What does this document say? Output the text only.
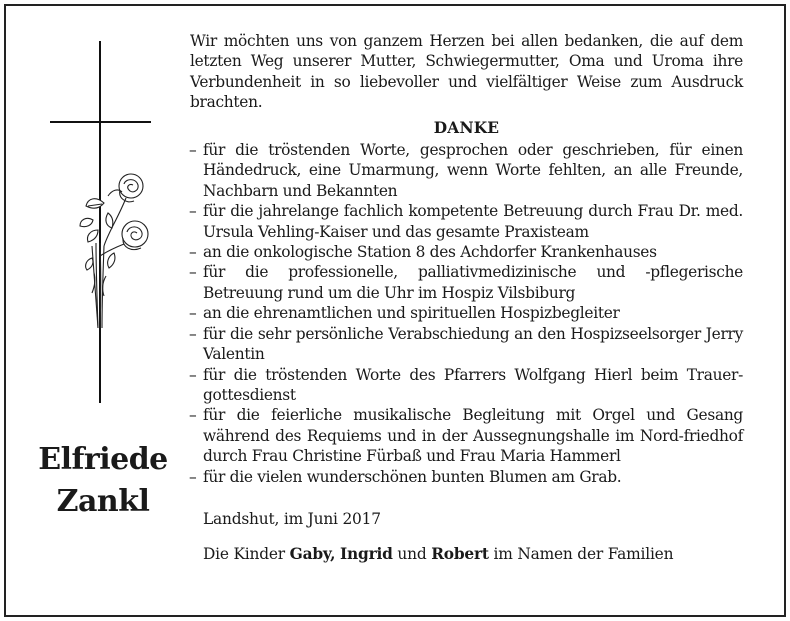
Elfriede
Zankl

Wir möchten uns von ganzem Herzen bei allen bedanken, die auf dem letzten Weg unserer Mutter, Schwiegermutter, Oma und Uroma ihre Verbundenheit in so liebevoller und vielfältiger Weise zum Ausdruck brachten.

DANKE
– für die tröstenden Worte, gesprochen oder geschrieben, für einen Händedruck, eine Umarmung, wenn Worte fehlten, an alle Freunde, Nachbarn und Bekannten
– für die jahrelange fachlich kompetente Betreuung durch Frau Dr. med. Ursula Vehling-Kaiser und das gesamte Praxisteam
– an die onkologische Station 8 des Achdorfer Krankenhauses
– für die professionelle, palliativmedizinische und -pflegerische Betreuung rund um die Uhr im Hospiz Vilsbiburg
– an die ehrenamtlichen und spirituellen Hospizbegleiter
– für die sehr persönliche Verabschiedung an den Hospizseelsorger Jerry Valentin
– für die tröstenden Worte des Pfarrers Wolfgang Hierl beim Trauer-gottesdienst
– für die feierliche musikalische Begleitung mit Orgel und Gesang während des Requiems und in der Aussegnungshalle im Nord-friedhof durch Frau Christine Fürbaß und Frau Maria Hammerl
– für die vielen wunderschönen bunten Blumen am Grab.
Landshut, im Juni 2017
Die Kinder Gaby, Ingrid und Robert im Namen der Familien
